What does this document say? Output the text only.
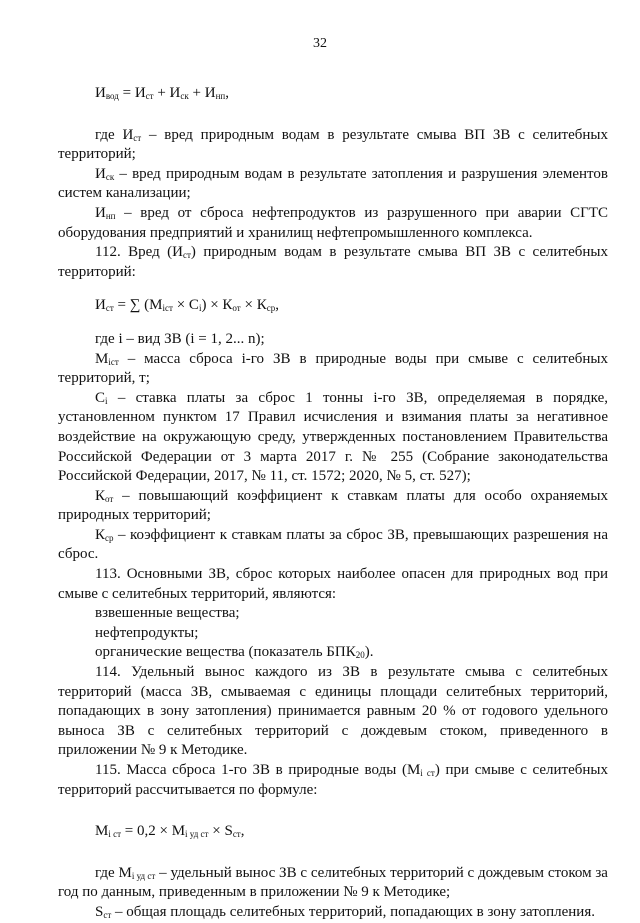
32

$И_{вод} = И_{ст} + И_{ск} + И_{нп}$,

где $И_{ст}$ – вред природным водам в результате смыва ВП ЗВ с селитебных территорий;

$И_{ск}$ – вред природным водам в результате затопления и разрушения элементов систем канализации;

$И_{нп}$ – вред от сброса нефтепродуктов из разрушенного при аварии СГТС оборудования предприятий и хранилищ нефтепромышленного комплекса.

112. Вред $(И_{ст})$ природным водам в результате смыва ВП ЗВ с селитебных территорий:

$И_{ст}$ = ∑ $(М_{iст} \times С_i) \times К_{от} \times К_{ср}$,

где i – вид ЗВ (i = 1, 2... n);

$М_{iст}$ – масса сброса i-го ЗВ в природные воды при смыве с селитебных территорий, т;

$С_i$ – ставка платы за сброс 1 тонны i-го ЗВ, определяемая в порядке, установленном пунктом 17 Правил исчисления и взимания платы за негативное воздействие на окружающую среду, утвержденных постановлением Правительства Российской Федерации от 3 марта 2017 г. № 255 (Собрание законодательства Российской Федерации, 2017, № 11, ст. 1572; 2020, № 5, ст. 527);

$К_{от}$ – повышающий коэффициент к ставкам платы для особо охраняемых природных территорий;

$К_{ср}$ – коэффициент к ставкам платы за сброс ЗВ, превышающих разрешения на сброс.

113. Основными ЗВ, сброс которых наиболее опасен для природных вод при смыве с селитебных территорий, являются:

взвешенные вещества;

нефтепродукты;

органические вещества (показатель $БПК_{20}$).

114. Удельный вынос каждого из ЗВ в результате смыва с селитебных территорий (масса ЗВ, смываемая с единицы площади селитебных территорий, попадающих в зону затопления) принимается равным 20 % от годового удельного выноса ЗВ с селитебных территорий с дождевым стоком, приведенного в приложении № 9 к Методике.

115. Масса сброса 1-го ЗВ в природные воды $(М_{i ст})$ при смыве с селитебных территорий рассчитывается по формуле:

$М_{i ст} = 0,2 \times М_{i уд ст} \times S_{ст}$,

где $М_{i уд ст}$ – удельный вынос ЗВ с селитебных территорий с дождевым стоком за год по данным, приведенным в приложении № 9 к Методике;

$S_{ст}$ – общая площадь селитебных территорий, попадающих в зону затопления.
